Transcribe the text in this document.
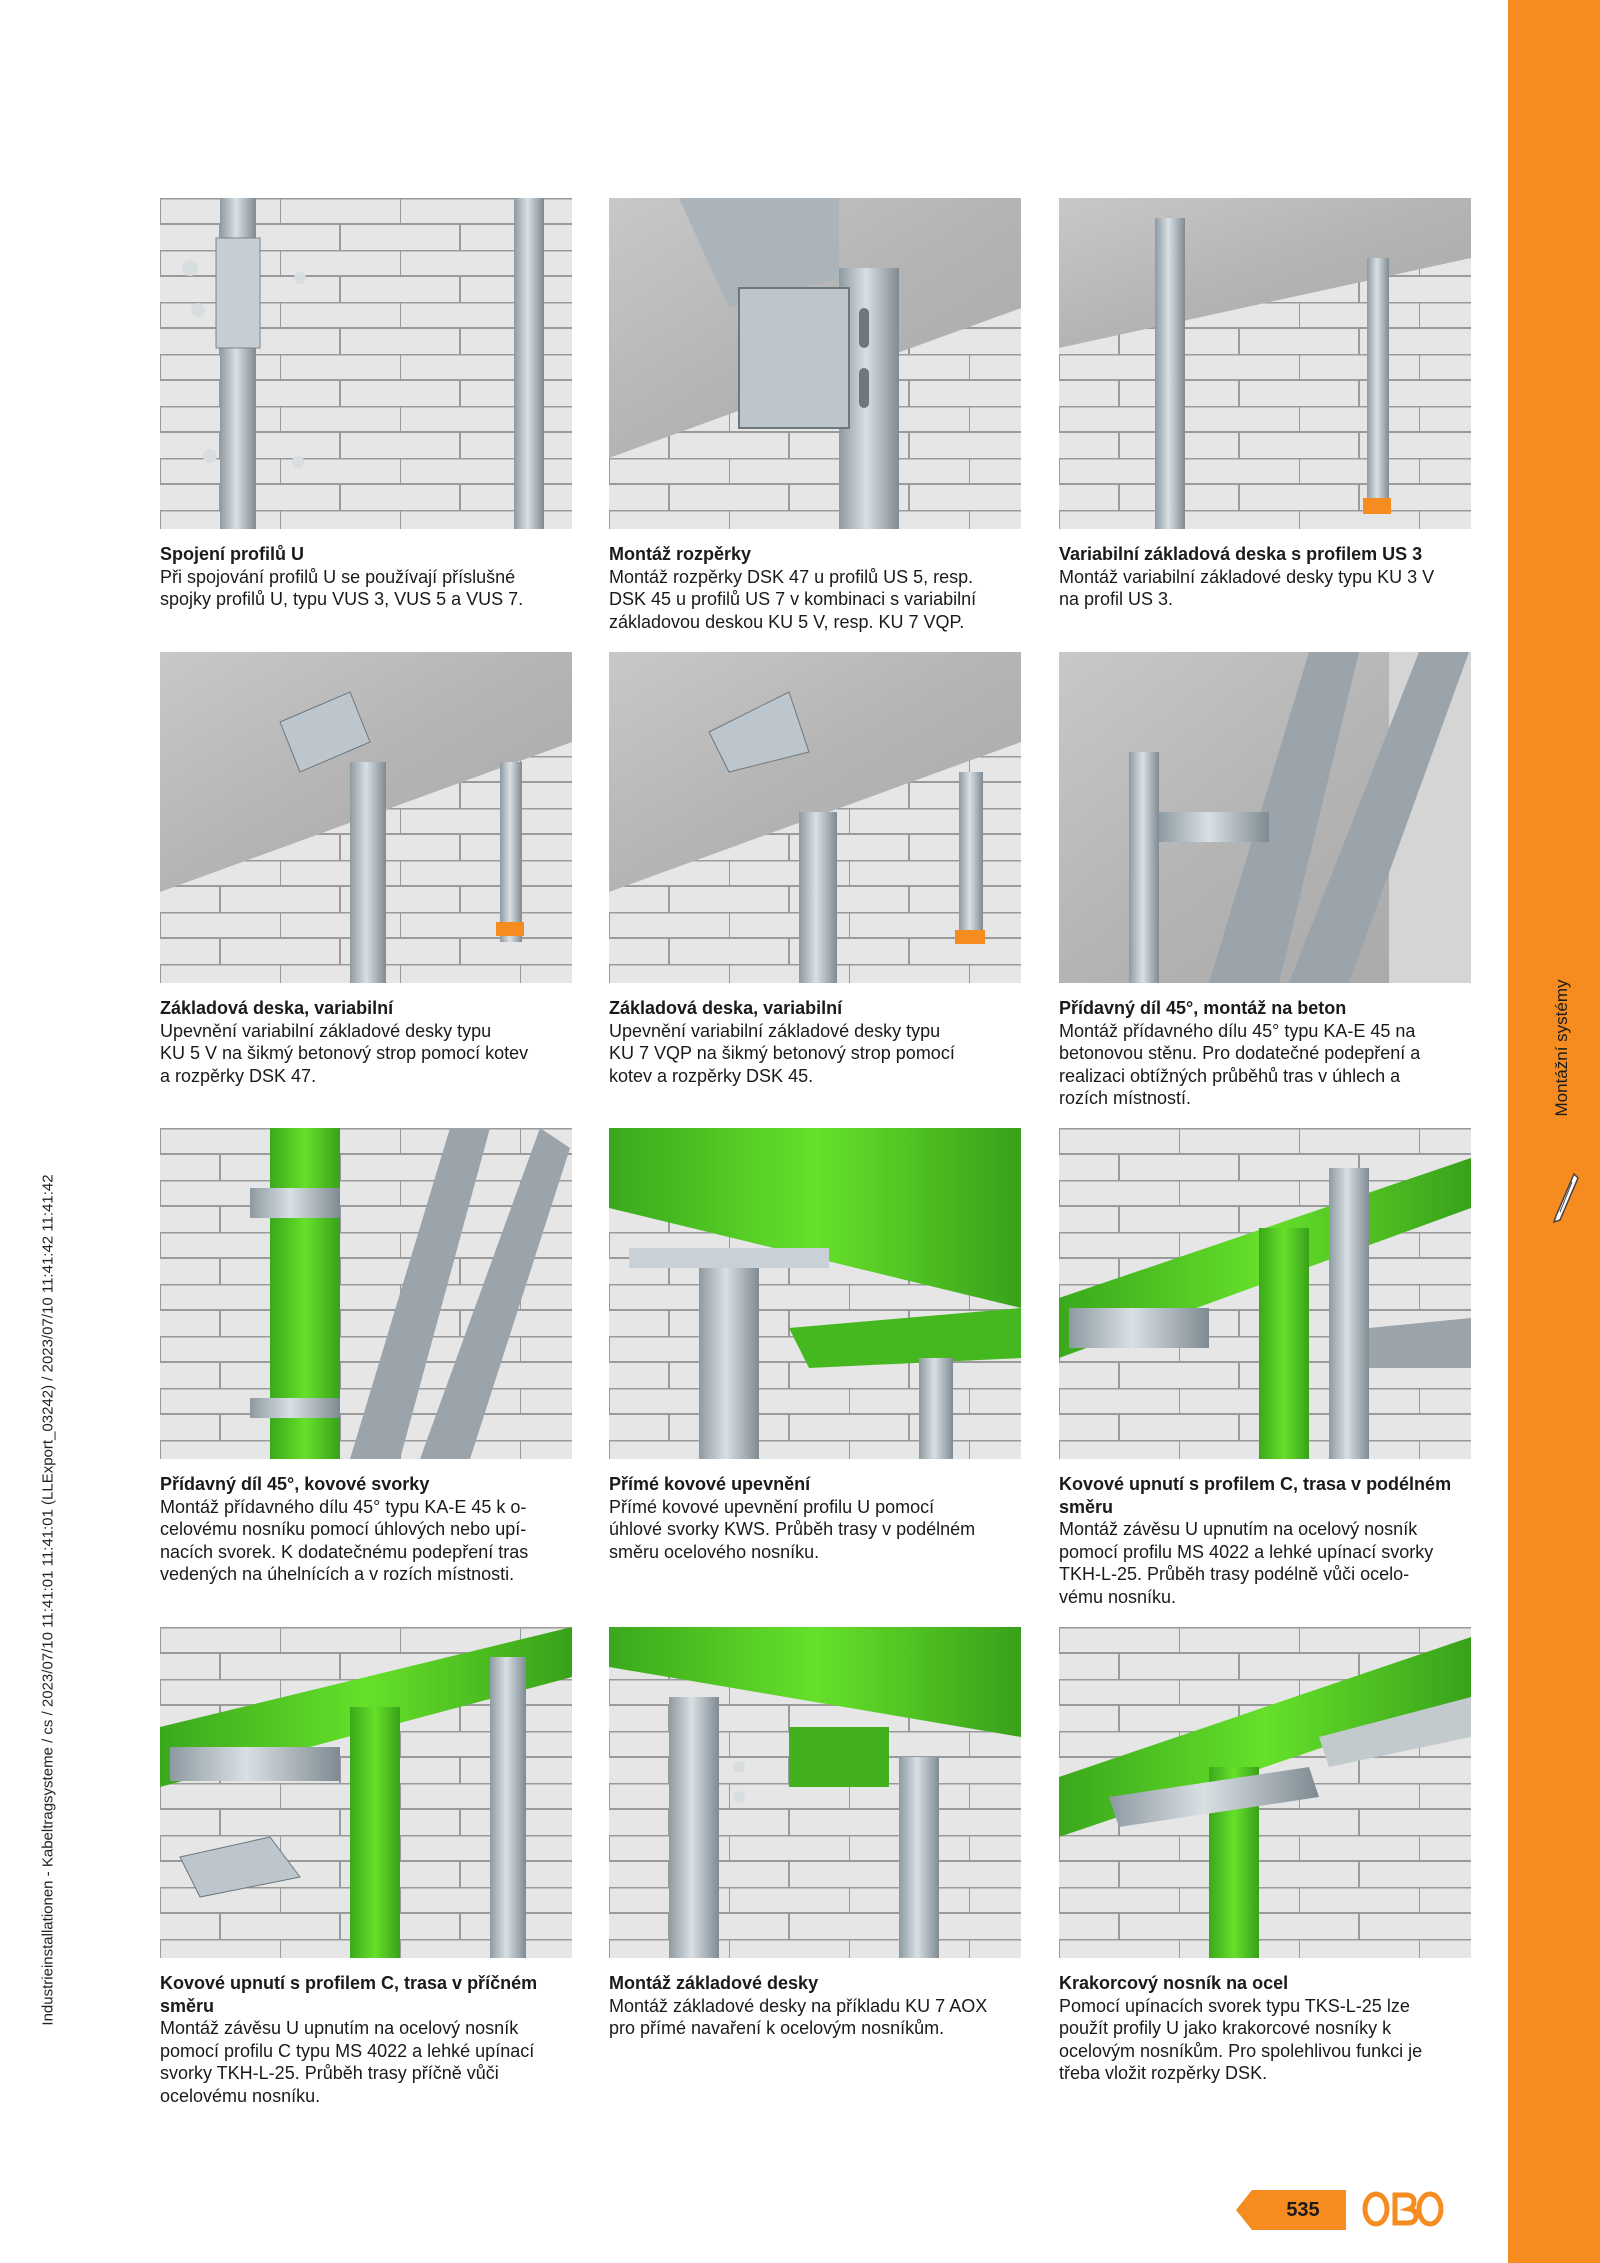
Montážní systémy
Industrieinstallationen - Kabeltragsysteme / cs / 2023/07/10 11:41:01 11:41:01 (LLExport_03242) / 2023/07/10 11:41:42 11:41:42
Spojení profilů U
Při spojování profilů U se používají příslušné
spojky profilů U, typu VUS 3, VUS 5 a VUS 7.
Montáž rozpěrky
Montáž rozpěrky DSK 47 u profilů US 5, resp.
DSK 45 u profilů US 7 v kombinaci s variabilní
základovou deskou KU 5 V, resp. KU 7 VQP.
Variabilní základová deska s profilem US 3
Montáž variabilní základové desky typu KU 3 V
na profil US 3.
Základová deska, variabilní
Upevnění variabilní základové desky typu
KU 5 V na šikmý betonový strop pomocí kotev
a rozpěrky DSK 47.
Základová deska, variabilní
Upevnění variabilní základové desky typu
KU 7 VQP na šikmý betonový strop pomocí
kotev a rozpěrky DSK 45.
Přídavný díl 45°, montáž na beton
Montáž přídavného dílu 45° typu KA-E 45 na
betonovou stěnu. Pro dodatečné podepření a
realizaci obtížných průběhů tras v úhlech a
rozích místností.
Přídavný díl 45°, kovové svorky
Montáž přídavného dílu 45° typu KA-E 45 k o-
celovému nosníku pomocí úhlových nebo upí-
nacích svorek. K dodatečnému podepření tras
vedených na úhelnících a v rozích místnosti.
Přímé kovové upevnění
Přímé kovové upevnění profilu U pomocí
úhlové svorky KWS. Průběh trasy v podélném
směru ocelového nosníku.
Kovové upnutí s profilem C, trasa v podélném směru
Montáž závěsu U upnutím na ocelový nosník
pomocí profilu MS 4022 a lehké upínací svorky
TKH-L-25. Průběh trasy podélně vůči ocelo-
vému nosníku.
Kovové upnutí s profilem C, trasa v příčném
směru
Montáž závěsu U upnutím na ocelový nosník
pomocí profilu C typu MS 4022 a lehké upínací
svorky TKH-L-25. Průběh trasy příčně vůči
ocelovému nosníku.
Montáž základové desky
Montáž základové desky na příkladu KU 7 AOX
pro přímé navaření k ocelovým nosníkům.
Krakorcový nosník na ocel
Pomocí upínacích svorek typu TKS-L-25 lze
použít profily U jako krakorcové nosníky k
ocelovým nosníkům. Pro spolehlivou funkci je
třeba vložit rozpěrky DSK.
535
